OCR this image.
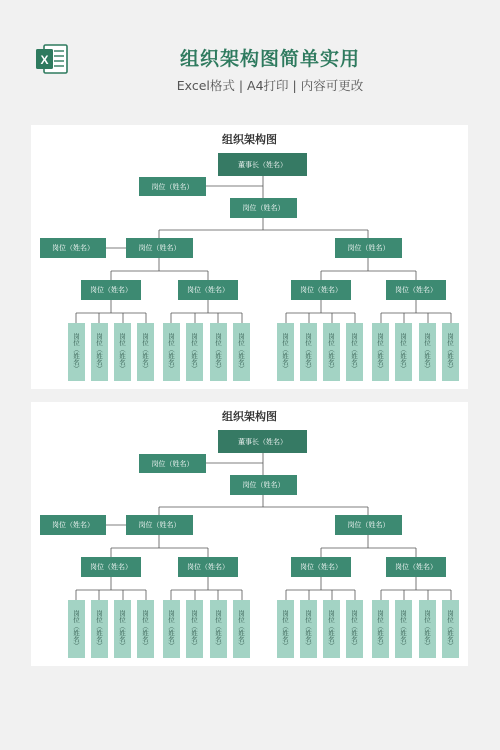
X	组织架构图简单实用
Excel格式 | A4打印 | 内容可更改
组织架构图
董事长（姓名）
岗位（姓名）
岗位（姓名）
岗位（姓名）	岗位（姓名）	岗位（姓名）
岗位（姓名）	岗位（姓名）	岗位（姓名）	岗位（姓名）
岗位（姓名）	岗位（姓名）	岗位（姓名）	岗位（姓名）	岗位（姓名）	岗位（姓名）	岗位（姓名）	岗位（姓名）	岗位（姓名）	岗位（姓名）	岗位（姓名）	岗位（姓名）	岗位（姓名）	岗位（姓名）	岗位（姓名）	岗位（姓名）
组织架构图
董事长（姓名）
岗位（姓名）
岗位（姓名）
岗位（姓名）	岗位（姓名）	岗位（姓名）
岗位（姓名）	岗位（姓名）	岗位（姓名）	岗位（姓名）
岗位（姓名）	岗位（姓名）	岗位（姓名）	岗位（姓名）	岗位（姓名）	岗位（姓名）	岗位（姓名）	岗位（姓名）	岗位（姓名）	岗位（姓名）	岗位（姓名）	岗位（姓名）	岗位（姓名）	岗位（姓名）	岗位（姓名）	岗位（姓名）
